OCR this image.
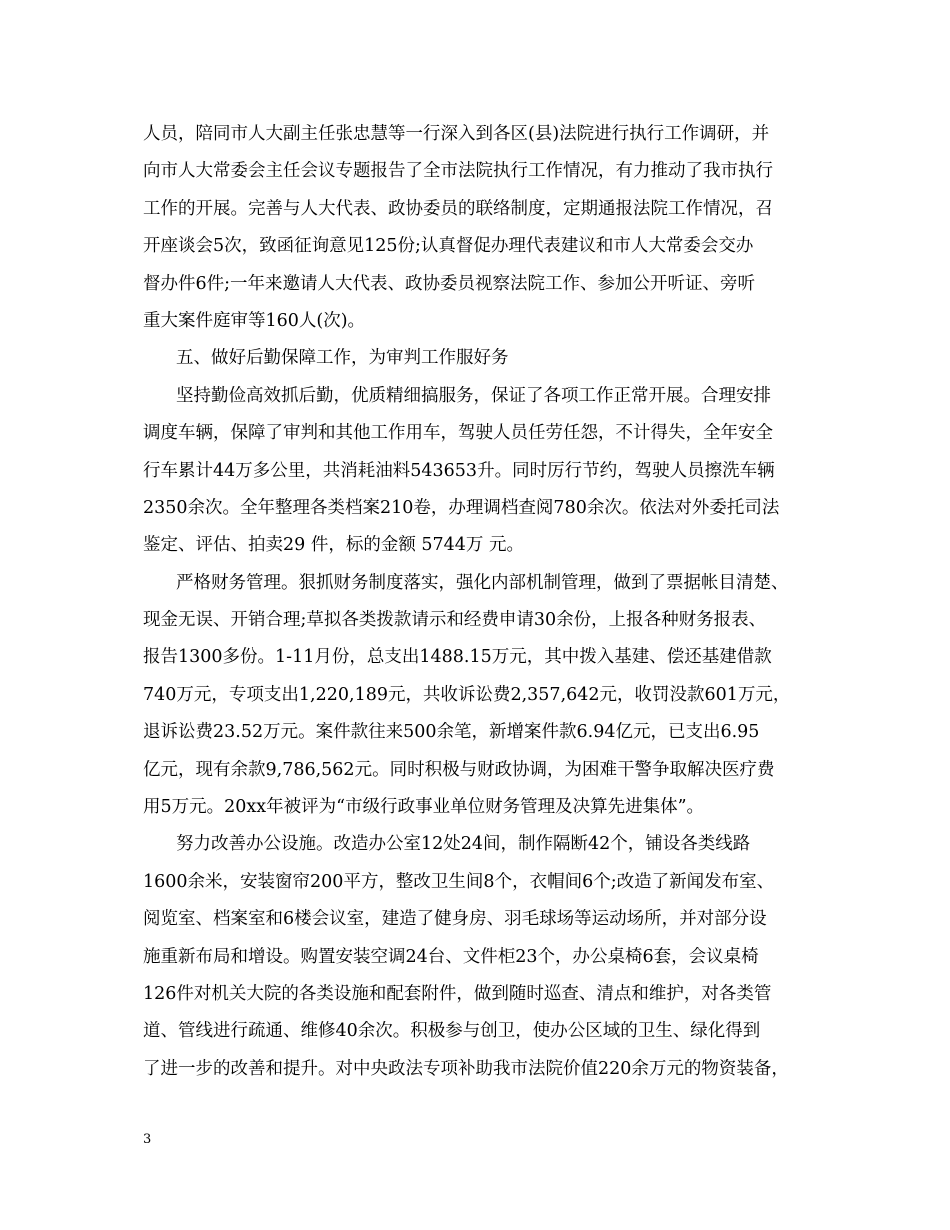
人员，陪同市人大副主任张忠慧等一行深入到各区(县)法院进行执行工作调研，并
向市人大常委会主任会议专题报告了全市法院执行工作情况，有力推动了我市执行
工作的开展。完善与人大代表、政协委员的联络制度，定期通报法院工作情况，召
开座谈会5次，致函征询意见125份;认真督促办理代表建议和市人大常委会交办
督办件6件;一年来邀请人大代表、政协委员视察法院工作、参加公开听证、旁听
重大案件庭审等160人(次)。
五、做好后勤保障工作，为审判工作服好务
坚持勤俭高效抓后勤，优质精细搞服务，保证了各项工作正常开展。合理安排
调度车辆，保障了审判和其他工作用车，驾驶人员任劳任怨，不计得失，全年安全
行车累计44万多公里，共消耗油料543653升。同时厉行节约，驾驶人员擦洗车辆
2350余次。全年整理各类档案210卷，办理调档查阅780余次。依法对外委托司法
鉴定、评估、拍卖29 件，标的金额 5744万 元。
严格财务管理。狠抓财务制度落实，强化内部机制管理，做到了票据帐目清楚、
现金无误、开销合理;草拟各类拨款请示和经费申请30余份，上报各种财务报表、
报告1300多份。1-11月份，总支出1488.15万元，其中拨入基建、偿还基建借款
740万元，专项支出1,220,189元，共收诉讼费2,357,642元，收罚没款601万元，
退诉讼费23.52万元。案件款往来500余笔，新增案件款6.94亿元，已支出6.95
亿元，现有余款9,786,562元。同时积极与财政协调，为困难干警争取解决医疗费
用5万元。20xx年被评为“市级行政事业单位财务管理及决算先进集体”。
努力改善办公设施。改造办公室12处24间，制作隔断42个，铺设各类线路
1600余米，安装窗帘200平方，整改卫生间8个，衣帽间6个;改造了新闻发布室、
阅览室、档案室和6楼会议室，建造了健身房、羽毛球场等运动场所，并对部分设
施重新布局和增设。购置安装空调24台、文件柜23个，办公桌椅6套，会议桌椅
126件对机关大院的各类设施和配套附件，做到随时巡查、清点和维护，对各类管
道、管线进行疏通、维修40余次。积极参与创卫，使办公区域的卫生、绿化得到
了进一步的改善和提升。对中央政法专项补助我市法院价值220余万元的物资装备，
3
